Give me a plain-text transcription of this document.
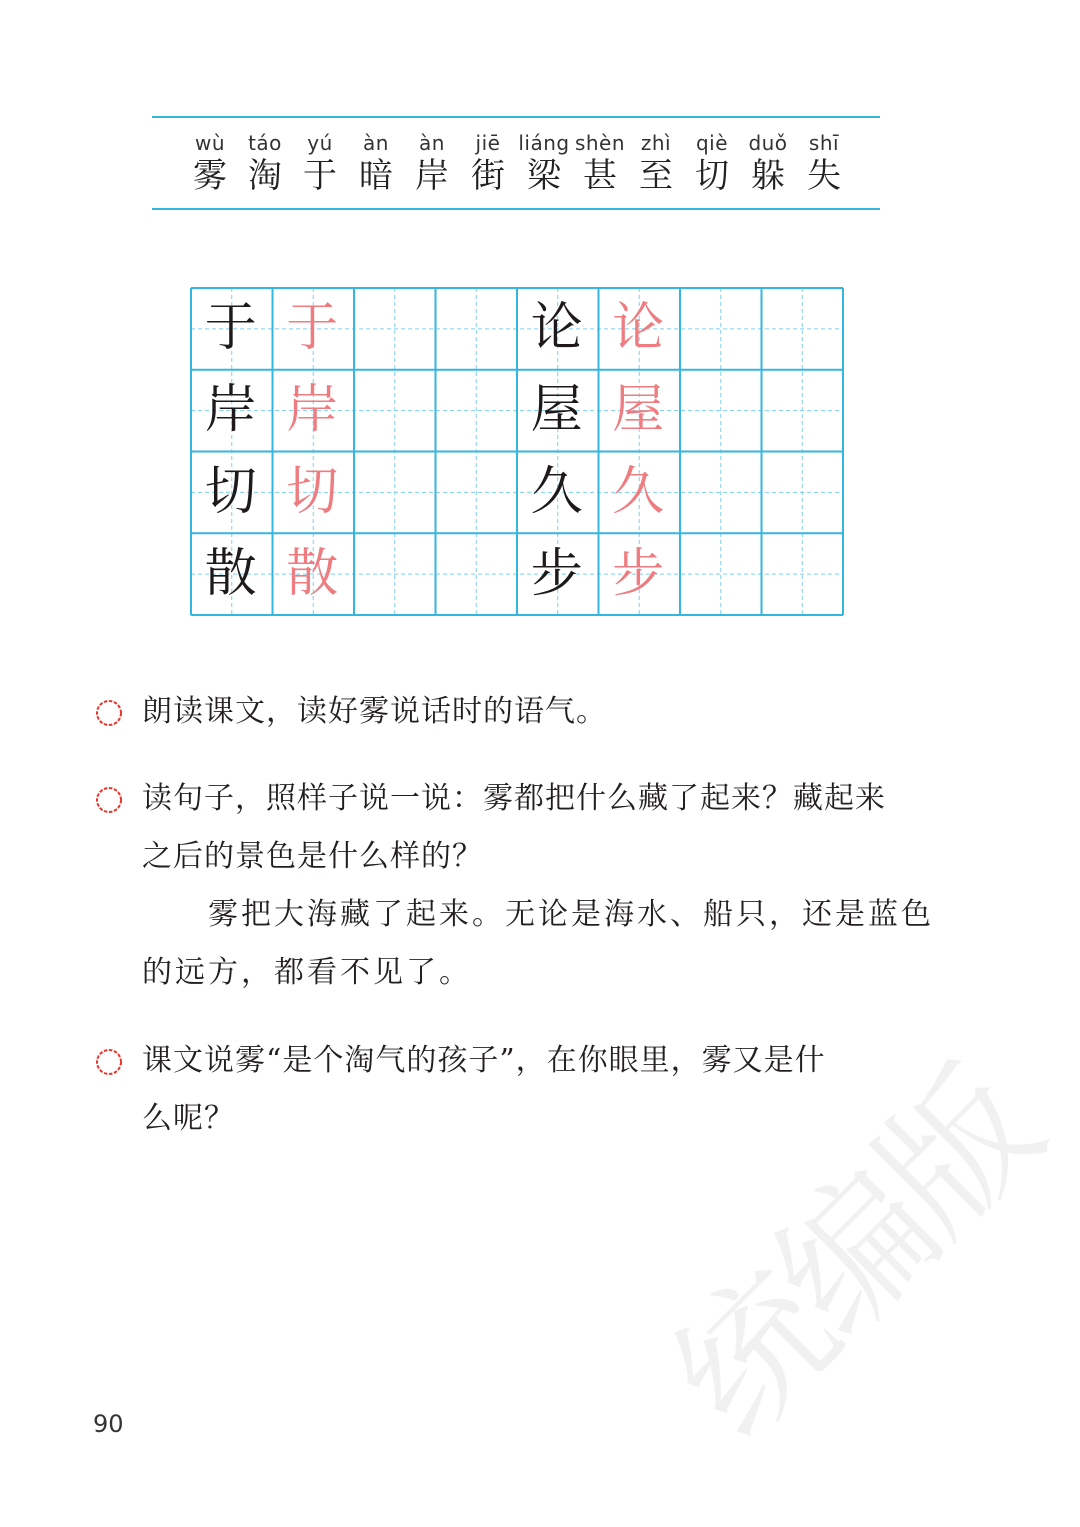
wù
雾
táo
淘
yú
于
àn
暗
àn
岸
jiē
街
liáng
梁
shèn
甚
zhì
至
qiè
切
duǒ
躲
shī
失
于 于	论 论
岸 岸	屋 屋
切 切	久 久
散 散	步 步
朗读课文，读好雾说话时的语气。
读句子，照样子说一说：雾都把什么藏了起来？藏起来
之后的景色是什么样的？
雾把大海藏了起来。无论是海水、船只，还是蓝色
的远方，都看不见了。
课文说雾“是个淘气的孩子”，在你眼里，雾又是什
么呢？
90	统编版
